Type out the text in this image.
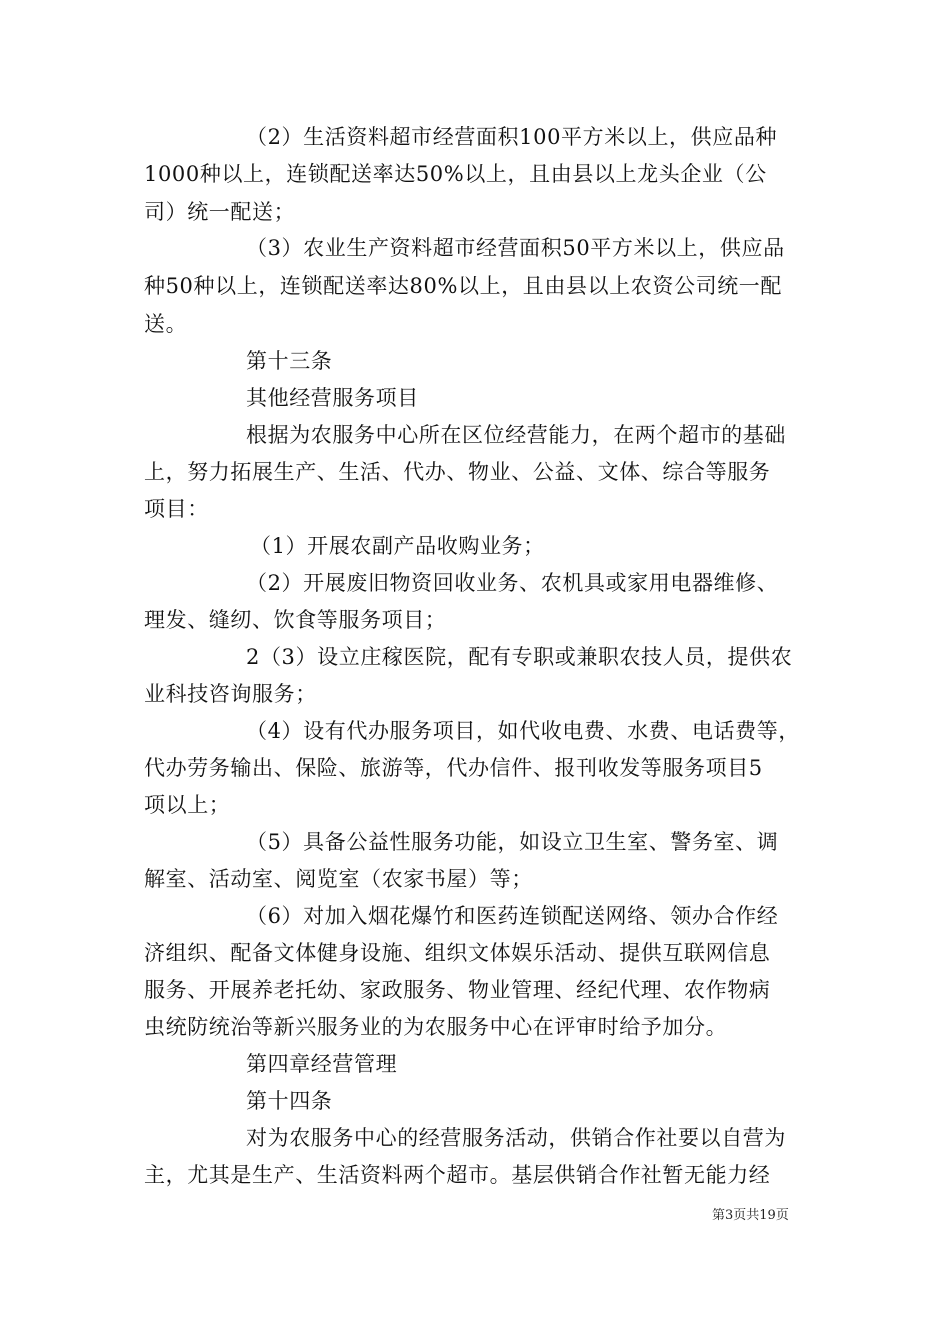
（2）生活资料超市经营面积100平方米以上，供应品种
1000种以上，连锁配送率达50%以上，且由县以上龙头企业（公
司）统一配送；
（3）农业生产资料超市经营面积50平方米以上，供应品
种50种以上，连锁配送率达80%以上，且由县以上农资公司统一配
送。
第十三条
其他经营服务项目
根据为农服务中心所在区位经营能力，在两个超市的基础
上，努力拓展生产、生活、代办、物业、公益、文体、综合等服务
项目：
（1）开展农副产品收购业务；
（2）开展废旧物资回收业务、农机具或家用电器维修、
理发、缝纫、饮食等服务项目；
2（3）设立庄稼医院，配有专职或兼职农技人员，提供农
业科技咨询服务；
（4）设有代办服务项目，如代收电费、水费、电话费等，
代办劳务输出、保险、旅游等，代办信件、报刊收发等服务项目5
项以上；
（5）具备公益性服务功能，如设立卫生室、警务室、调
解室、活动室、阅览室（农家书屋）等；
（6）对加入烟花爆竹和医药连锁配送网络、领办合作经
济组织、配备文体健身设施、组织文体娱乐活动、提供互联网信息
服务、开展养老托幼、家政服务、物业管理、经纪代理、农作物病
虫统防统治等新兴服务业的为农服务中心在评审时给予加分。
第四章经营管理
第十四条
对为农服务中心的经营服务活动，供销合作社要以自营为
主，尤其是生产、生活资料两个超市。基层供销合作社暂无能力经
第3页共19页
